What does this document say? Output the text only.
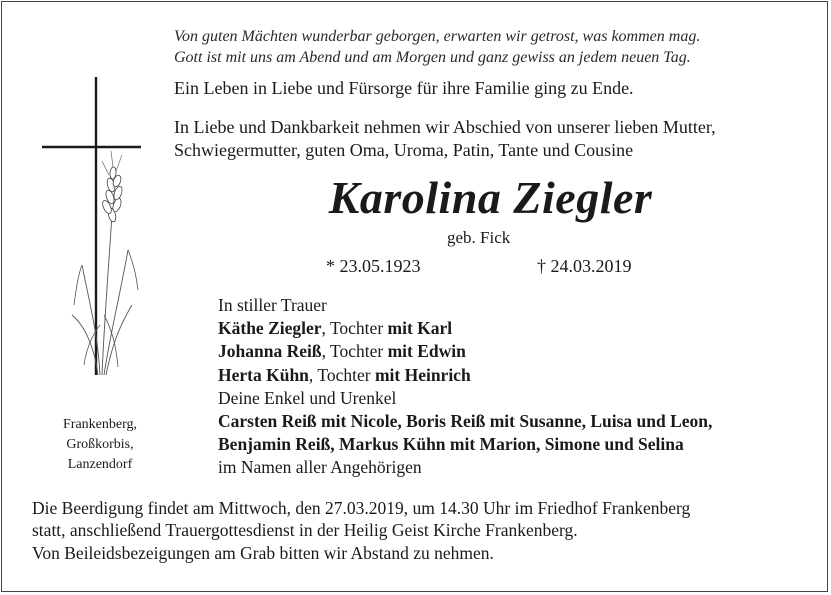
Von guten Mächten wunderbar geborgen, erwarten wir getrost, was kommen mag.
Gott ist mit uns am Abend und am Morgen und ganz gewiss an jedem neuen Tag.
Ein Leben in Liebe und Fürsorge für ihre Familie ging zu Ende.
In Liebe und Dankbarkeit nehmen wir Abschied von unserer lieben Mutter,
Schwiegermutter, guten Oma, Uroma, Patin, Tante und Cousine
Karolina Ziegler
geb. Fick
* 23.05.1923	† 24.03.2019
In stiller Trauer
Käthe Ziegler, Tochter mit Karl
Johanna Reiß, Tochter mit Edwin
Herta Kühn, Tochter mit Heinrich
Deine Enkel und Urenkel
Carsten Reiß mit Nicole, Boris Reiß mit Susanne, Luisa und Leon,
Benjamin Reiß, Markus Kühn mit Marion, Simone und Selina
im Namen aller Angehörigen
Frankenberg,
Großkorbis,
Lanzendorf
Die Beerdigung findet am Mittwoch, den 27.03.2019, um 14.30 Uhr im Friedhof Frankenberg
statt, anschließend Trauergottesdienst in der Heilig Geist Kirche Frankenberg.
Von Beileidsbezeigungen am Grab bitten wir Abstand zu nehmen.
